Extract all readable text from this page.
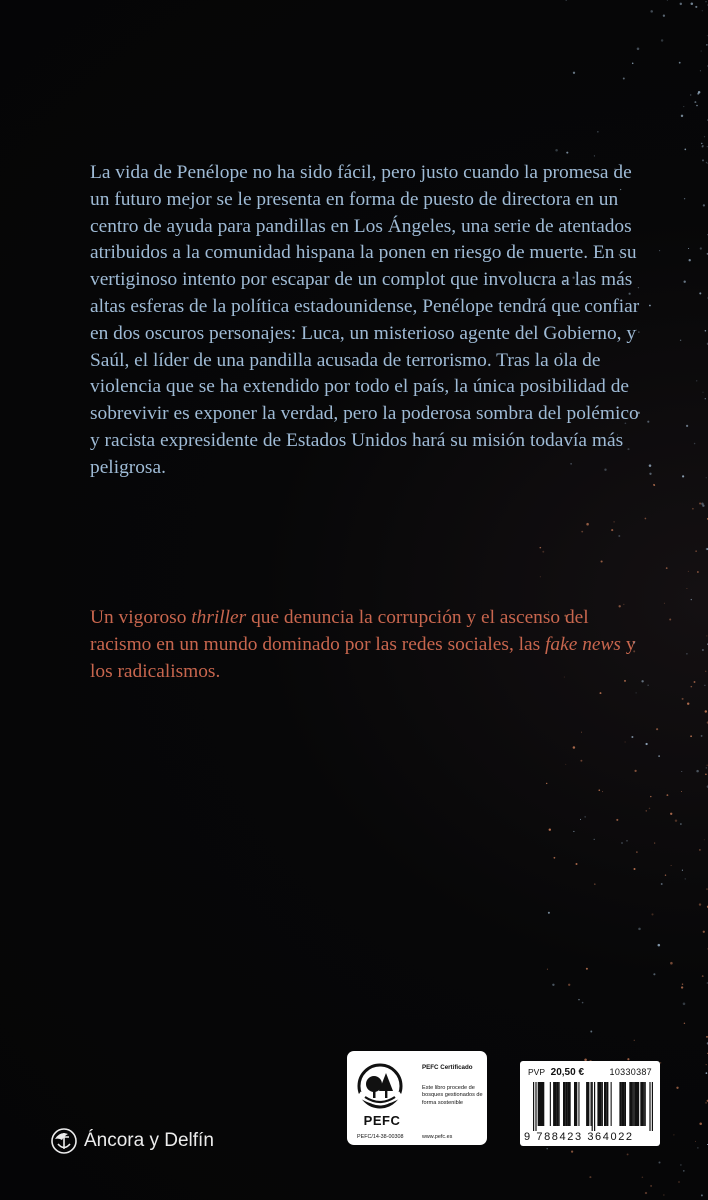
La vida de Penélope no ha sido fácil, pero justo cuando la promesa de un futuro mejor se le presenta en forma de puesto de directora en un centro de ayuda para pandillas en Los Ángeles, una serie de atentados atribuidos a la comunidad hispana la ponen en riesgo de muerte. En su vertiginoso intento por escapar de un complot que involucra a las más altas esferas de la política estadounidense, Penélope tendrá que confiar en dos oscuros personajes: Luca, un misterioso agente del Gobierno, y Saúl, el líder de una pandilla acusada de terrorismo. Tras la ola de violencia que se ha extendido por todo el país, la única posibilidad de sobrevivir es exponer la verdad, pero la poderosa sombra del polémico y racista expresidente de Estados Unidos hará su misión todavía más peligrosa.

Un vigoroso thriller que denuncia la corrupción y el ascenso del racismo en un mundo dominado por las redes sociales, las fake news y los radicalismos.

Áncora y Delfín
PEFC
PEFC Certificado
Este libro procede de bosques gestionados de forma sostenible
PEFC/14-38-00308	www.pefc.es
PVP 20,50 €	10330387
9 788423 364022
